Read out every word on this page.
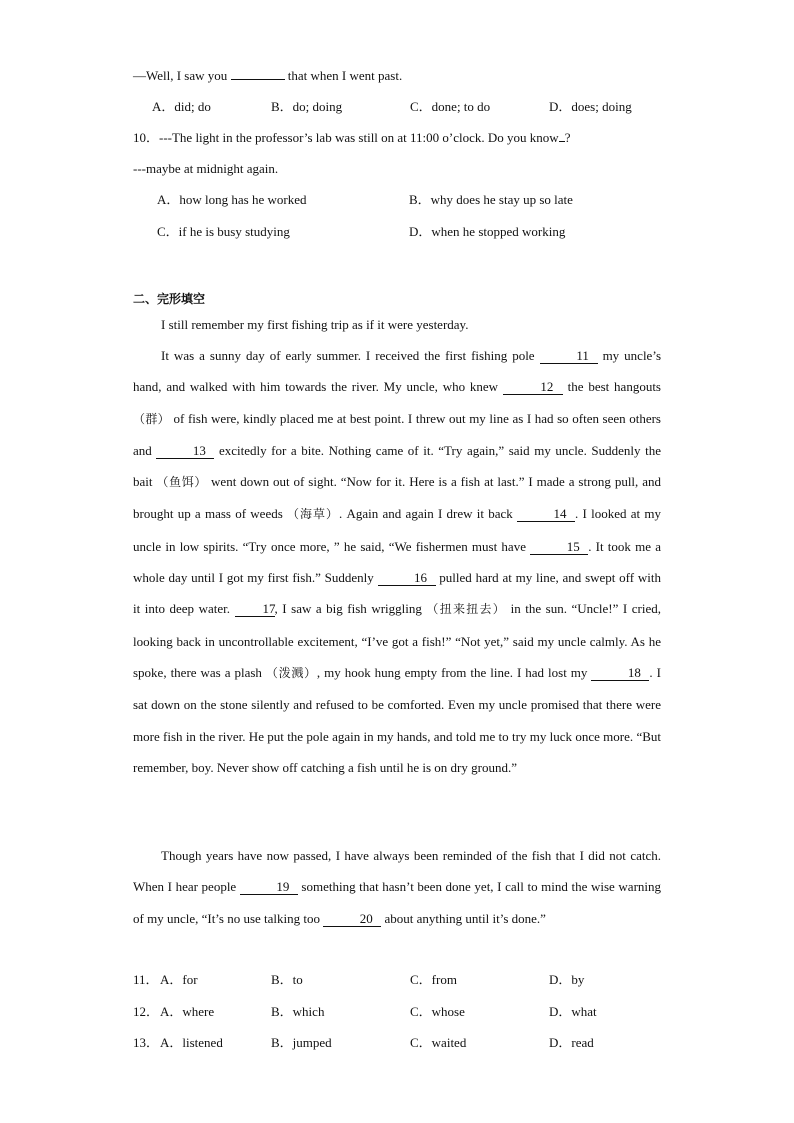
—Well, I saw you	that when I went past.
A．did; do	B．do; doing	C．done; to do	D．does; doing
10．---The light in the professor’s lab was still on at 11:00 o’clock. Do you know ?
---maybe at midnight again.
A．how long has he worked	B．why does he stay up so late
C．if he is busy studying	D．when he stopped working
二、完形填空

I still remember my first fishing trip as if it were yesterday.

It was a sunny day of early summer. I received the first fishing pole	11 my uncle’s hand, and walked with him towards the river. My uncle, who knew	12 the best hangouts （群） of fish were, kindly placed me at best point. I threw out my line as I had so often seen others and	13 excitedly for a bite. Nothing came of it. “Try again,” said my uncle. Suddenly the bait （鱼饵） went down out of sight. “Now for it. Here is a fish at last.” I made a strong pull, and brought up a mass of weeds （海草）. Again and again I drew it back	14 . I looked at my uncle in low spirits. “Try once more, ” he said, “We fishermen must have	15 . It took me a whole day until I got my first fish.” Suddenly	16 pulled hard at my line, and swept off with it into deep water. 17, I saw a big fish wriggling （扭来扭去） in the sun. “Uncle!” I cried, looking back in uncontrollable excitement, “I’ve got a fish!” “Not yet,” said my uncle calmly. As he spoke, there was a plash （泼溅）, my hook hung empty from the line. I had lost my	18 . I sat down on the stone silently and refused to be comforted. Even my uncle promised that there were more fish in the river. He put the pole again in my hands, and told me to try my luck once more. “But remember, boy. Never show off catching a fish until he is on dry ground.”

Though years have now passed, I have always been reminded of the fish that I did not catch. When I hear people	19 something that hasn’t been done yet, I call to mind the wise warning of my uncle, “It’s no use talking too	20 about anything until it’s done.”

11． A．for	B．to	C．from	D．by
12． A．where	B．which	C．whose	D．what
13． A．listened	B．jumped	C．waited	D．read
